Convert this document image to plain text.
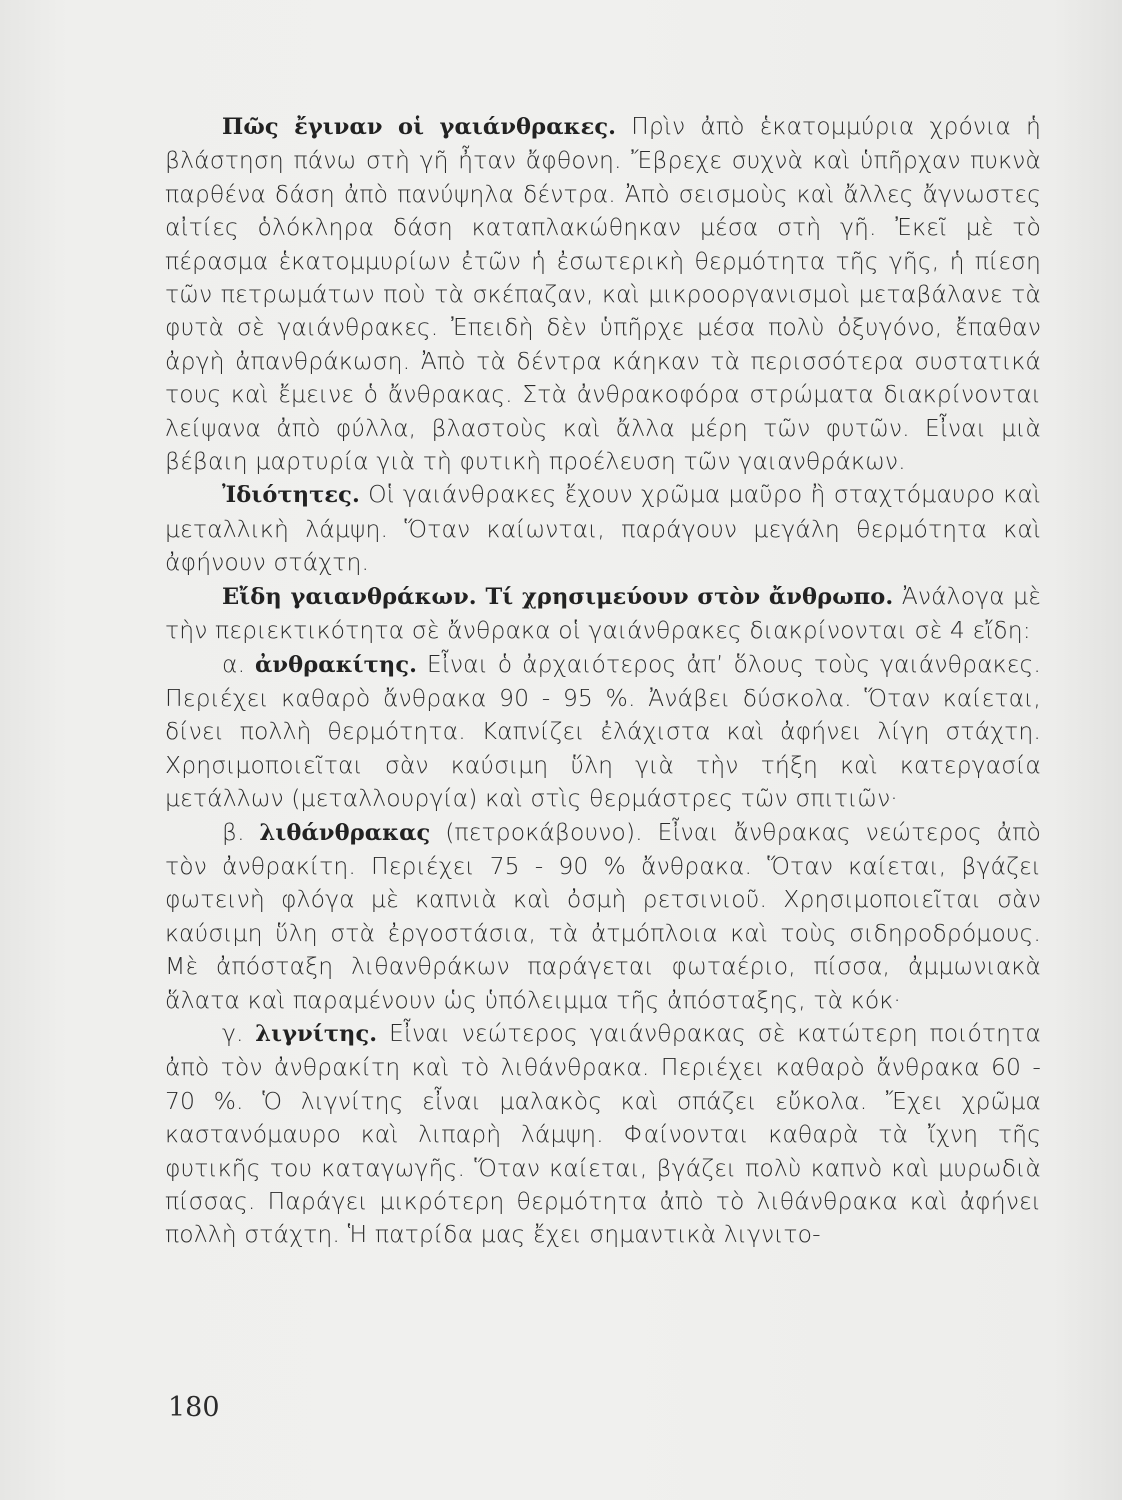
Πῶς ἔγιναν οἱ γαιάνθρακες. Πρὶν ἀπὸ ἑκατομμύρια χρόνια ἡ βλάστηση πάνω στὴ γῆ ἦταν ἄφθονη. Ἔβρεχε συχνὰ καὶ ὑπῆρχαν πυκνὰ παρθένα δάση ἀπὸ πανύψηλα δέντρα. Ἀπὸ σεισμοὺς καὶ ἄλλες ἄγνωστες αἰτίες ὁλόκληρα δάση καταπλακώθηκαν μέσα στὴ γῆ. Ἐκεῖ μὲ τὸ πέρασμα ἑκατομμυρίων ἐτῶν ἡ ἐσωτερικὴ θερμότητα τῆς γῆς, ἡ πίεση τῶν πετρωμάτων ποὺ τὰ σκέπαζαν, καὶ μικροοργανισμοὶ μεταβάλανε τὰ φυτὰ σὲ γαιάνθρακες. Ἐπειδὴ δὲν ὑπῆρχε μέσα πολὺ ὀξυγόνο, ἔπαθαν ἀργὴ ἀπανθράκωση. Ἀπὸ τὰ δέντρα κάηκαν τὰ περισσότερα συστατικά τους καὶ ἔμεινε ὁ ἄνθρακας. Στὰ ἀνθρακοφόρα στρώματα διακρίνονται λείψανα ἀπὸ φύλλα, βλαστοὺς καὶ ἄλλα μέρη τῶν φυτῶν. Εἶναι μιὰ βέβαιη μαρτυρία γιὰ τὴ φυτικὴ προέλευση τῶν γαιανθράκων.

Ἰδιότητες. Οἱ γαιάνθρακες ἔχουν χρῶμα μαῦρο ἢ σταχτόμαυρο καὶ μεταλλικὴ λάμψη. Ὅταν καίωνται, παράγουν μεγάλη θερμότητα καὶ ἀφήνουν στάχτη.

Εἴδη γαιανθράκων. Τί χρησιμεύουν στὸν ἄνθρωπο. Ἀνάλογα μὲ τὴν περιεκτικότητα σὲ ἄνθρακα οἱ γαιάνθρακες διακρίνονται σὲ 4 εἴδη:

α. ἀνθρακίτης. Εἶναι ὁ ἀρχαιότερος ἀπ’ ὅλους τοὺς γαιάνθρακες. Περιέχει καθαρὸ ἄνθρακα 90 - 95 %. Ἀνάβει δύσκολα. Ὅταν καίεται, δίνει πολλὴ θερμότητα. Καπνίζει ἐλάχιστα καὶ ἀφήνει λίγη στάχτη. Χρησιμοποιεῖται σὰν καύσιμη ὕλη γιὰ τὴν τήξη καὶ κατεργασία μετάλλων (μεταλλουργία) καὶ στὶς θερμάστρες τῶν σπιτιῶν·

β. λιθάνθρακας (πετροκάβουνο). Εἶναι ἄνθρακας νεώτερος ἀπὸ τὸν ἀνθρακίτη. Περιέχει 75 - 90 % ἄνθρακα. Ὅταν καίεται, βγάζει φωτεινὴ φλόγα μὲ καπνιὰ καὶ ὀσμὴ ρετσινιοῦ. Χρησιμοποιεῖται σὰν καύσιμη ὕλη στὰ ἐργοστάσια, τὰ ἀτμόπλοια καὶ τοὺς σιδηροδρόμους. Μὲ ἀπόσταξη λιθανθράκων παράγεται φωταέριο, πίσσα, ἀμμωνιακὰ ἅλατα καὶ παραμένουν ὡς ὑπόλειμμα τῆς ἀπόσταξης, τὰ κόκ·

γ. λιγνίτης. Εἶναι νεώτερος γαιάνθρακας σὲ κατώτερη ποιότητα ἀπὸ τὸν ἀνθρακίτη καὶ τὸ λιθάνθρακα. Περιέχει καθαρὸ ἄνθρακα 60 - 70 %. Ὁ λιγνίτης εἶναι μαλακὸς καὶ σπάζει εὔκολα. Ἔχει χρῶμα καστανόμαυρο καὶ λιπαρὴ λάμψη. Φαίνονται καθαρὰ τὰ ἴχνη τῆς φυτικῆς του καταγωγῆς. Ὅταν καίεται, βγάζει πολὺ καπνὸ καὶ μυρωδιὰ πίσσας. Παράγει μικρότερη θερμότητα ἀπὸ τὸ λιθάνθρακα καὶ ἀφήνει πολλὴ στάχτη. Ἡ πατρίδα μας ἔχει σημαντικὰ λιγνιτο-

180
